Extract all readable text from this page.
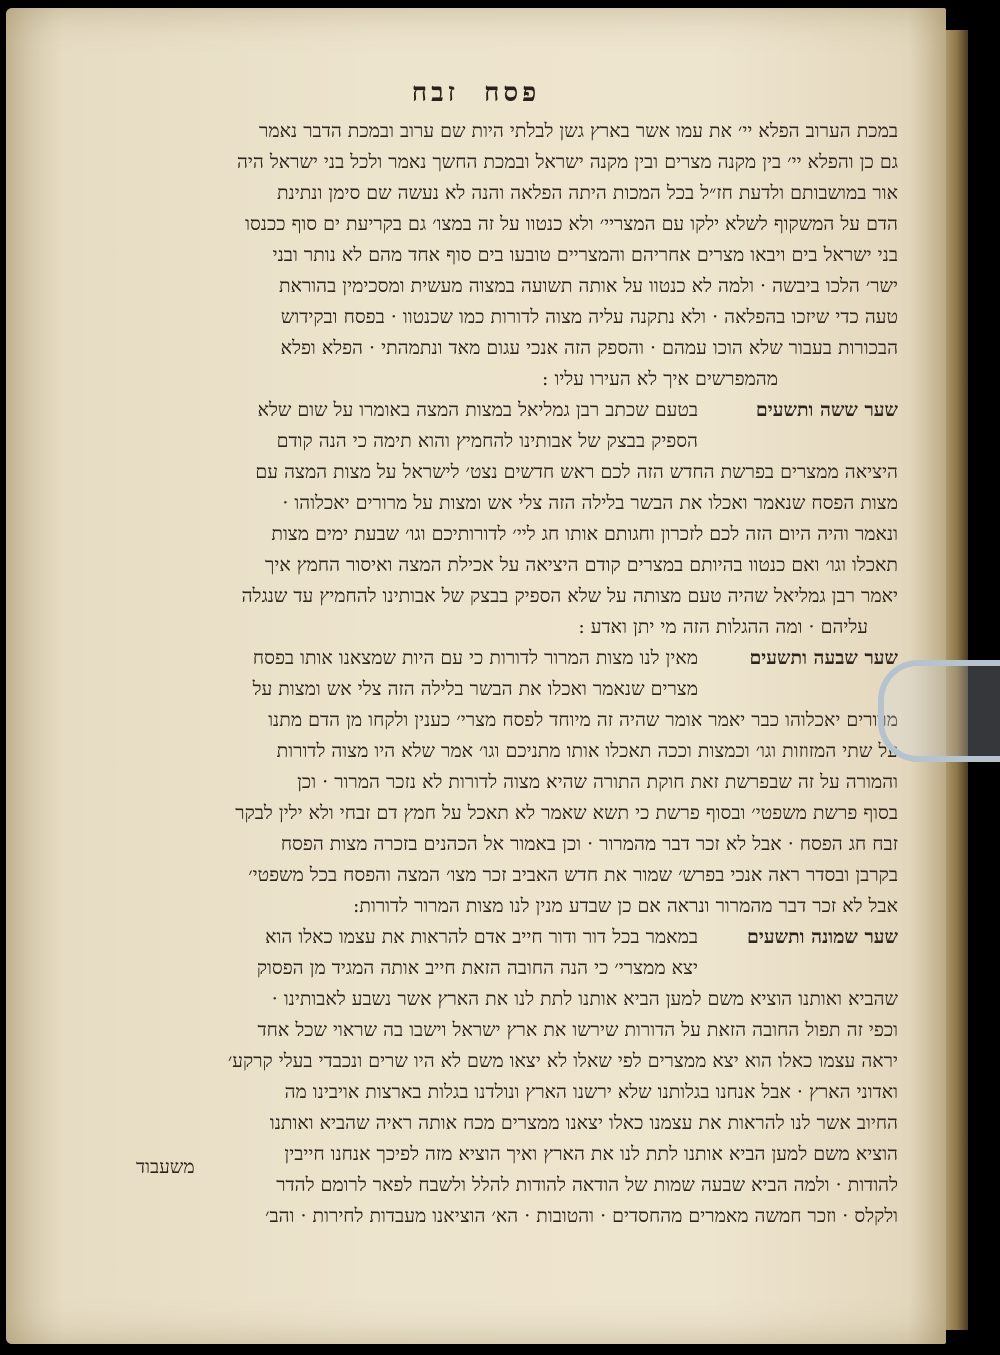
פסח זבח
במכת הערוב הפלא יי׳ את עמו אשר בארץ גשן לבלתי היות שם ערוב ובמכת הדבר נאמר
גם כן והפלא יי׳ בין מקנה מצרים ובין מקנה ישראל ובמכת החשך נאמר ולכל בני ישראל היה
אור במושבותם ולדעת חז״ל בכל המכות היתה הפלאה והנה לא נעשה שם סימן ונתינת
הדם על המשקוף לשלא ילקו עם המצריי׳ ולא כנטוו על זה במצו׳ גם בקריעת ים סוף ככנסו
בני ישראל בים ויבאו מצרים אחריהם והמצריים טובעו בים סוף אחד מהם לא נותר ובני
ישר׳ הלכו ביבשה · ולמה לא כנטוו על אותה תשועה במצוה מעשית ומסכימין בהוראת
טעה כדי שיזכו בהפלאה · ולא נתקנה עליה מצוה לדורות כמו שכנטוו · בפסח ובקידוש
הבכורות בעבור שלא הוכו עמהם · והספק הזה אנכי עגום מאד ונתמהתי · הפלא ופלא
מהמפרשים איך לא העירו עליו :
שער ששה ותשעים
בטעם שכתב רבן גמליאל במצות המצה באומרו על שום שלא
הספיק בבצק של אבותינו להחמיץ והוא תימה כי הנה קודם
היציאה ממצרים בפרשת החדש הזה לכם ראש חדשים נצט׳ לישראל על מצות המצה עם
מצות הפסח שנאמר ואכלו את הבשר בלילה הזה צלי אש ומצות על מרורים יאכלוהו ·
ונאמר והיה היום הזה לכם לזכרון וחגותם אותו חג ליי׳ לדורותיכם וגו׳ שבעת ימים מצות
תאכלו וגו׳ ואם כנטוו בהיותם במצרים קודם היציאה על אכילת המצה ואיסור החמץ איך
יאמר רבן גמליאל שהיה טעם מצותה על שלא הספיק בבצק של אבותינו להחמיץ עד שנגלה
עליהם · ומה ההגלות הזה מי יתן ואדע :
שער שבעה ותשעים
מאין לנו מצות המרור לדורות כי עם היות שמצאנו אותו בפסח
מצרים שנאמר ואכלו את הבשר בלילה הזה צלי אש ומצות על
מרורים יאכלוהו כבר יאמר אומר שהיה זה מיוחד לפסח מצרי׳ כענין ולקחו מן הדם מתנו
על שתי המזוזות וגו׳ וכמצות וככה תאכלו אותו מתניכם וגו׳ אמר שלא היו מצוה לדורות
והמורה על זה שבפרשת זאת חוקת התורה שהיא מצוה לדורות לא נזכר המרור · וכן
בסוף פרשת משפטי׳ ובסוף פרשת כי תשא שאמר לא תאכל על חמץ דם זבחי ולא ילין לבקר
זבח חג הפסח · אבל לא זכר דבר מהמרור · וכן באמור אל הכהנים בזכרה מצות הפסח
בקרבן ובסדר ראה אנכי בפרש׳ שמור את חדש האביב זכר מצו׳ המצה והפסח בכל משפטי׳
אבל לא זכר דבר מהמרור ונראה אם כן שבדע מנין לנו מצות המרור לדורות:
שער שמונה ותשעים
במאמר בכל דור ודור חייב אדם להראות את עצמו כאלו הוא
יצא ממצרי׳ כי הנה החובה הזאת חייב אותה המגיד מן הפסוק
שהביא ואותנו הוציא משם למען הביא אותנו לתת לנו את הארץ אשר נשבע לאבותינו ·
וכפי זה תפול החובה הזאת על הדורות שירשו את ארץ ישראל וישבו בה שראוי שכל אחד
יראה עצמו כאלו הוא יצא ממצרים לפי שאלו לא יצאו משם לא היו שרים ונכבדי בעלי קרקע׳
ואדוני הארץ · אבל אנחנו בגלותנו שלא ירשנו הארץ ונולדנו בגלות בארצות אויבינו מה
החיוב אשר לנו להראות את עצמנו כאלו יצאנו ממצרים מכח אותה ראיה שהביא ואותנו
הוציא משם למען הביא אותנו לתת לנו את הארץ ואיך הוציא מזה לפיכך אנחנו חייבין
להודות · ולמה הביא שבעה שמות של הודאה להודות להלל ולשבח לפאר לרומם להדר
ולקלס · וזכר חמשה מאמרים מהחסדים · והטובות · הא׳ הוציאנו מעבדות לחירות · והב׳
משעבוד
